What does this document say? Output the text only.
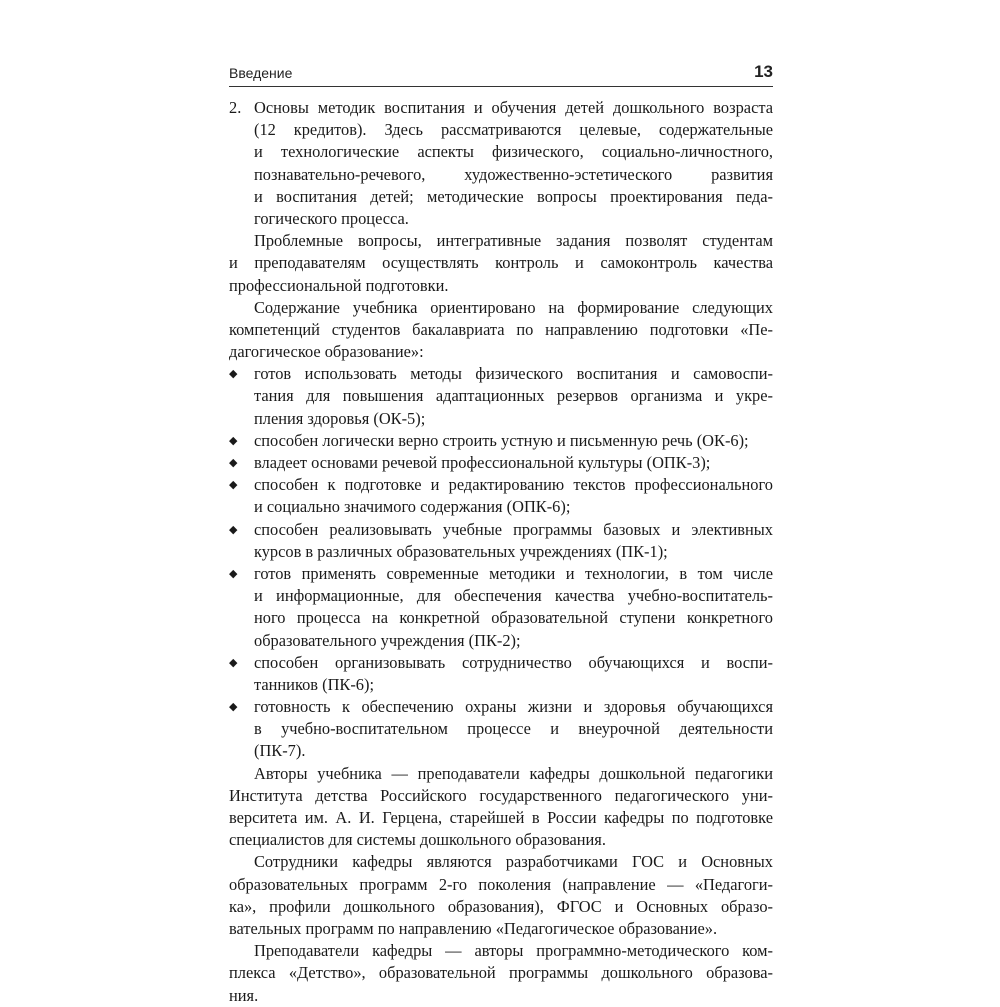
Введение	13
2. Основы методик воспитания и обучения детей дошкольного возраста
(12 кредитов). Здесь рассматриваются целевые, содержательные
и технологические аспекты физического, социально-личностного,
познавательно-речевого, художественно-эстетического развития
и воспитания детей; методические вопросы проектирования педа-
гогического процесса.
Проблемные вопросы, интегративные задания позволят студентам
и преподавателям осуществлять контроль и самоконтроль качества
профессиональной подготовки.
Содержание учебника ориентировано на формирование следующих
компетенций студентов бакалавриата по направлению подготовки «Пе-
дагогическое образование»:
◆	готов использовать методы физического воспитания и самовоспи-
тания для повышения адаптационных резервов организма и укре-
пления здоровья (ОК-5);
◆	способен логически верно строить устную и письменную речь (ОК-6);
◆	владеет основами речевой профессиональной культуры (ОПК-3);
◆	способен к подготовке и редактированию текстов профессионального
и социально значимого содержания (ОПК-6);
◆	способен реализовывать учебные программы базовых и элективных
курсов в различных образовательных учреждениях (ПК-1);
◆	готов применять современные методики и технологии, в том числе
и информационные, для обеспечения качества учебно-воспитатель-
ного процесса на конкретной образовательной ступени конкретного
образовательного учреждения (ПК-2);
◆	способен организовывать сотрудничество обучающихся и воспи-
танников (ПК-6);
◆	готовность к обеспечению охраны жизни и здоровья обучающихся
в учебно-воспитательном процессе и внеурочной деятельности
(ПК-7).
Авторы учебника — преподаватели кафедры дошкольной педагогики
Института детства Российского государственного педагогического уни-
верситета им. А. И. Герцена, старейшей в России кафедры по подготовке
специалистов для системы дошкольного образования.
Сотрудники кафедры являются разработчиками ГОС и Основных
образовательных программ 2-го поколения (направление — «Педагоги-
ка», профили дошкольного образования), ФГОС и Основных образо-
вательных программ по направлению «Педагогическое образование».
Преподаватели кафедры — авторы программно-методического ком-
плекса «Детство», образовательной программы дошкольного образова-
ния.
